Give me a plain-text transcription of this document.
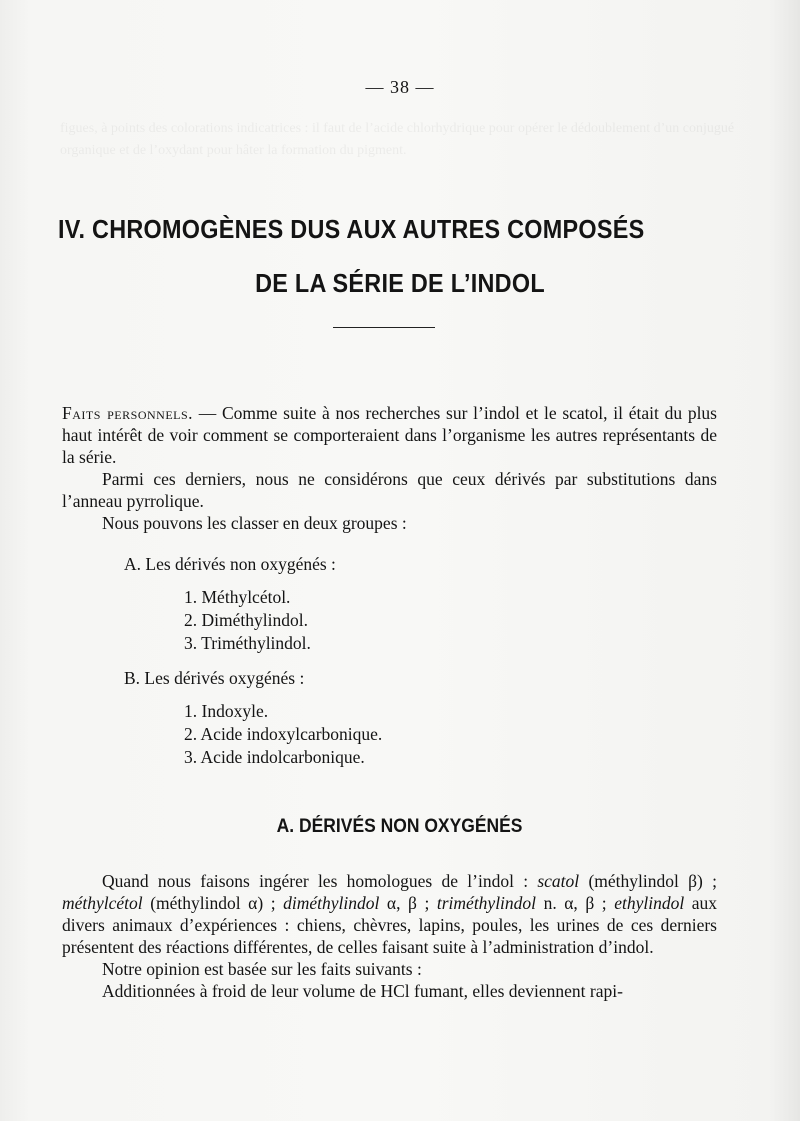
figues, à points des colorations indicatrices : il faut de l’acide chlorhydrique pour opérer le dédoublement d’un conjugué organique et de l’oxydant pour hâter la formation du pigment.
— 38 —
IV. CHROMOGÈNES DUS AUX AUTRES COMPOSÉS
DE LA SÉRIE DE L’INDOL

Faits personnels. — Comme suite à nos recherches sur l’indol et le scatol, il était du plus haut intérêt de voir comment se comporteraient dans l’organisme les autres représentants de la série.

Parmi ces derniers, nous ne considérons que ceux dérivés par substitutions dans l’anneau pyrrolique.

Nous pouvons les classer en deux groupes :

A. Les dérivés non oxygénés :
1. Méthylcétol.
2. Diméthylindol.
3. Triméthylindol.
B. Les dérivés oxygénés :
1. Indoxyle.
2. Acide indoxylcarbonique.
3. Acide indolcarbonique.
A. DÉRIVÉS NON OXYGÉNÉS

Quand nous faisons ingérer les homologues de l’indol : scatol (méthylindol β) ; méthylcétol (méthylindol α) ; diméthylindol α, β ; triméthylindol n. α, β ; ethylindol aux divers animaux d’expériences : chiens, chèvres, lapins, poules, les urines de ces derniers présentent des réactions différentes, de celles faisant suite à l’administration d’indol.

Notre opinion est basée sur les faits suivants :

Additionnées à froid de leur volume de HCl fumant, elles deviennent rapi-
